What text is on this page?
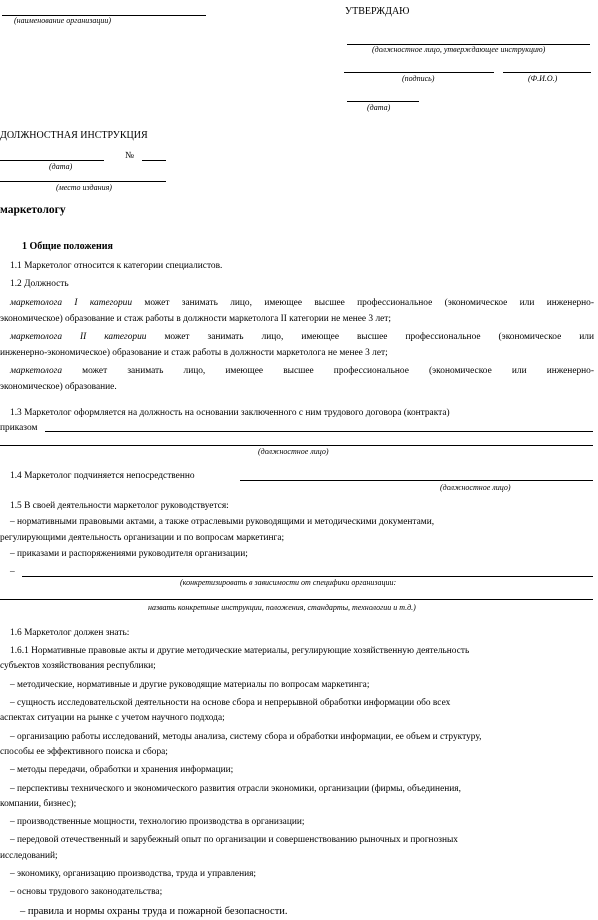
(наименование организации)
УТВЕРЖДАЮ
(должностное лицо, утверждающее инструкцию)
(подпись)	(Ф.И.О.)
(дата)
ДОЛЖНОСТНАЯ ИНСТРУКЦИЯ
№
(дата)
(место издания)
маркетологу
1 Общие положения
1.1 Маркетолог относится к категории специалистов.
1.2 Должность
маркетолога I категории может занимать лицо, имеющее высшее профессиональное (экономическое или инженерно-
экономическое) образование и стаж работы в должности маркетолога II категории не менее 3 лет;
маркетолога II категории может занимать лицо, имеющее высшее профессиональное (экономическое или
инженерно-экономическое) образование и стаж работы в должности маркетолога не менее 3 лет;
маркетолога может занимать лицо, имеющее высшее профессиональное (экономическое или инженерно-
экономическое) образование.
1.3 Маркетолог оформляется на должность на основании заключенного с ним трудового договора (контракта)
приказом
(должностное лицо)
1.4 Маркетолог подчиняется непосредственно
(должностное лицо)
1.5 В своей деятельности маркетолог руководствуется:
– нормативными правовыми актами, а также отраслевыми руководящими и методическими документами,
регулирующими деятельность организации и по вопросам маркетинга;
– приказами и распоряжениями руководителя организации;
–
(конкретизировать в зависимости от специфики организации:
назвать конкретные инструкции, положения, стандарты, технологии и т.д.)
1.6 Маркетолог должен знать:
1.6.1 Нормативные правовые акты и другие методические материалы, регулирующие хозяйственную деятельность
субъектов хозяйствования республики;
– методические, нормативные и другие руководящие материалы по вопросам маркетинга;
– сущность исследовательской деятельности на основе сбора и непрерывной обработки информации обо всех
аспектах ситуации на рынке с учетом научного подхода;
– организацию работы исследований, методы анализа, систему сбора и обработки информации, ее объем и структуру,
способы ее эффективного поиска и сбора;
– методы передачи, обработки и хранения информации;
– перспективы технического и экономического развития отрасли экономики, организации (фирмы, объединения,
компании, бизнес);
– производственные мощности, технологию производства в организации;
– передовой отечественный и зарубежный опыт по организации и совершенствованию рыночных и прогнозных
исследований;
– экономику, организацию производства, труда и управления;
– основы трудового законодательства;
– правила и нормы охраны труда и пожарной безопасности.
